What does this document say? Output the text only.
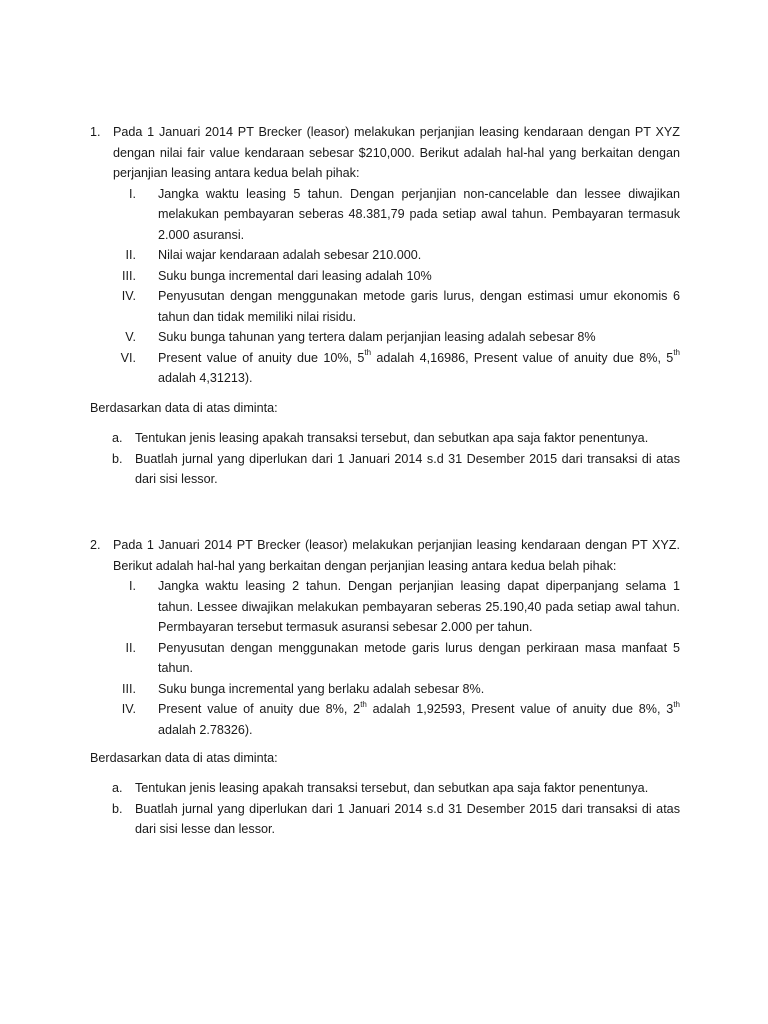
1. Pada 1 Januari 2014 PT Brecker (leasor) melakukan perjanjian leasing kendaraan dengan PT XYZ dengan nilai fair value kendaraan sebesar $210,000. Berikut adalah hal-hal yang berkaitan dengan perjanjian leasing antara kedua belah pihak:
I.	Jangka waktu leasing 5 tahun. Dengan perjanjian non-cancelable dan lessee diwajikan melakukan pembayaran seberas 48.381,79 pada setiap awal tahun. Pembayaran termasuk 2.000 asuransi.
II.	Nilai wajar kendaraan adalah sebesar 210.000.
III.	Suku bunga incremental dari leasing adalah 10%
IV.	Penyusutan dengan menggunakan metode garis lurus, dengan estimasi umur ekonomis 6 tahun dan tidak memiliki nilai risidu.
V.	Suku bunga tahunan yang tertera dalam perjanjian leasing adalah sebesar 8%
VI.	Present value of anuity due 10%, 5th adalah 4,16986, Present value of anuity due 8%, 5th adalah 4,31213).
Berdasarkan data di atas diminta:
a. Tentukan jenis leasing apakah transaksi tersebut, dan sebutkan apa saja faktor penentunya.
b. Buatlah jurnal yang diperlukan dari 1 Januari 2014 s.d 31 Desember 2015 dari transaksi di atas dari sisi lessor.
2. Pada 1 Januari 2014 PT Brecker (leasor) melakukan perjanjian leasing kendaraan dengan PT XYZ. Berikut adalah hal-hal yang berkaitan dengan perjanjian leasing antara kedua belah pihak:
I.	Jangka waktu leasing 2 tahun. Dengan perjanjian leasing dapat diperpanjang selama 1 tahun. Lessee diwajikan melakukan pembayaran seberas 25.190,40 pada setiap awal tahun. Permbayaran tersebut termasuk asuransi sebesar 2.000 per tahun.
II.	Penyusutan dengan menggunakan metode garis lurus dengan perkiraan masa manfaat 5 tahun.
III.	Suku bunga incremental yang berlaku adalah sebesar 8%.
IV.	Present value of anuity due 8%, 2th adalah 1,92593, Present value of anuity due 8%, 3th adalah 2.78326).
Berdasarkan data di atas diminta:
a. Tentukan jenis leasing apakah transaksi tersebut, dan sebutkan apa saja faktor penentunya.
b. Buatlah jurnal yang diperlukan dari 1 Januari 2014 s.d 31 Desember 2015 dari transaksi di atas dari sisi lesse dan lessor.
